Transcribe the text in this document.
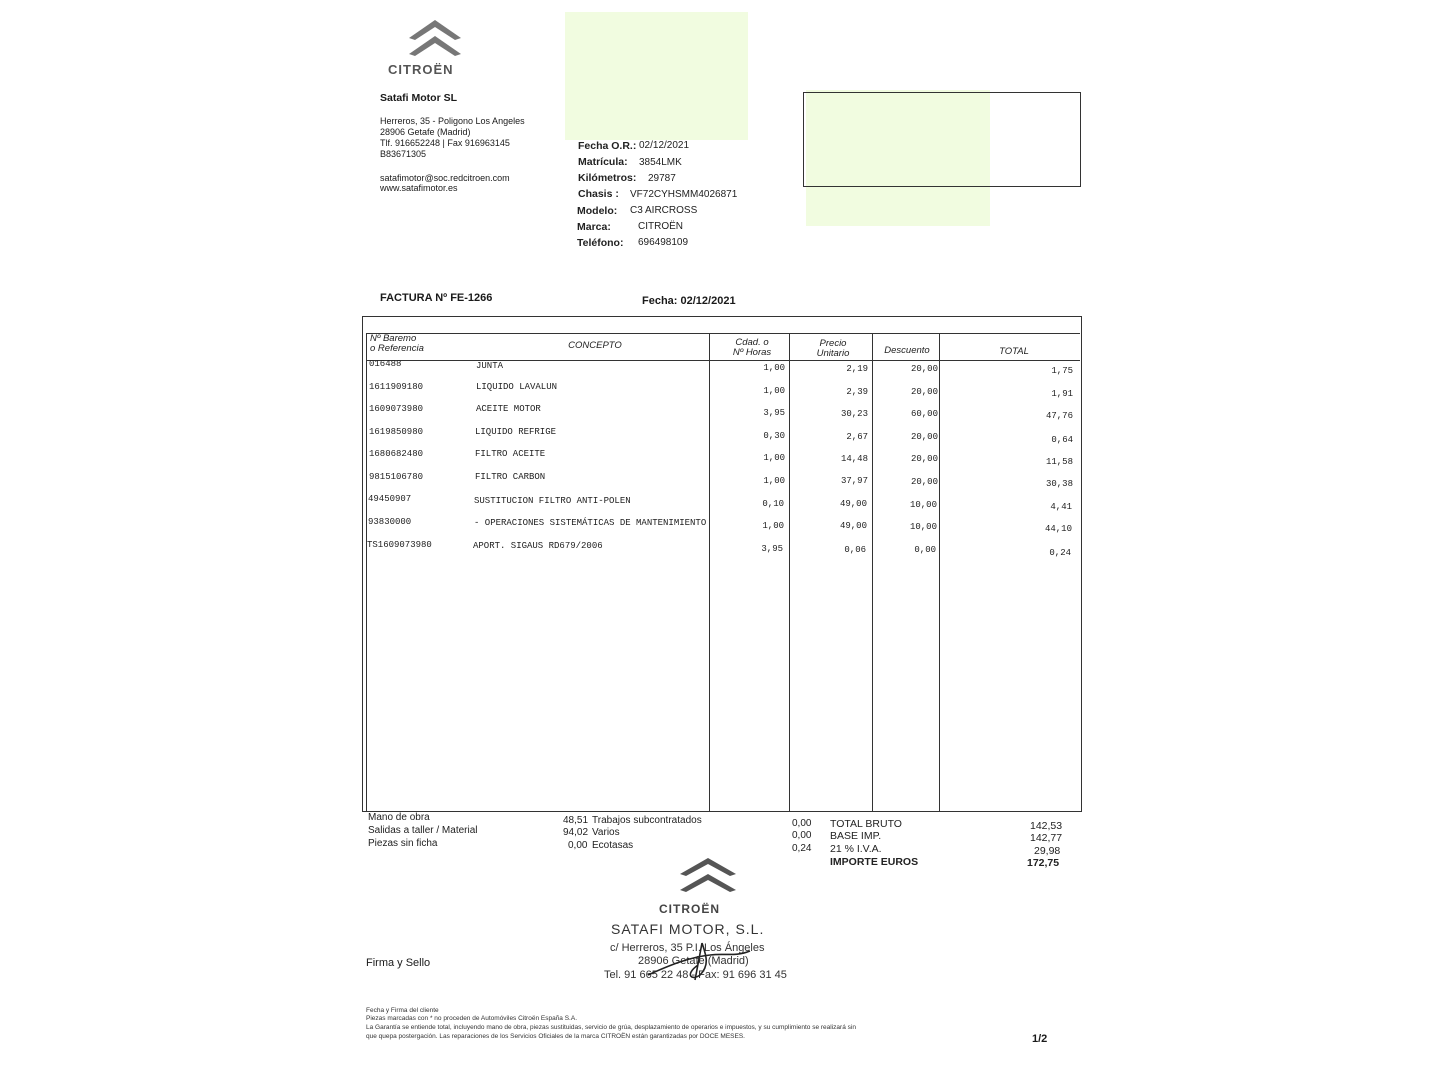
CITROËN
Satafi Motor SL
Herreros, 35 - Poligono Los Angeles
28906 Getafe (Madrid)
Tlf. 916652248 | Fax 916963145
B83671305
satafimotor@soc.redcitroen.com
www.satafimotor.es
Fecha O.R.: 02/12/2021
Matrícula: 3854LMK
Kilómetros: 29787
Chasis : VF72CYHSMM4026871
Modelo: C3 AIRCROSS
Marca:	CITROËN
Teléfono: 696498109
FACTURA Nº FE-1266	Fecha: 02/12/2021
Nº Baremo
o Referencia	CONCEPTO	Cdad. o
Nº Horas
Precio
Unitario	Descuento	TOTAL
016488	JUNTA	1,00	2,19	20,00	1,75
1611909180	LIQUIDO LAVALUN	1,00	2,39	20,00	1,91
1609073980	ACEITE MOTOR	3,95	30,23	60,00	47,76
1619850980	LIQUIDO REFRIGE	0,30	2,67	20,00	0,64
1680682480	FILTRO ACEITE	1,00	14,48	20,00	11,58
9815106780	FILTRO CARBON	1,00	37,97	20,00	30,38
49450907	SUSTITUCION FILTRO ANTI-POLEN	0,10	49,00	10,00	4,41
93830000	- OPERACIONES SISTEMÁTICAS DE MANTENIMIENTO	1,00	49,00	10,00	44,10
TS1609073980	APORT. SIGAUS RD679/2006	3,95	0,06	0,00	0,24
Mano de obra	48,51
Salidas a taller / Material	94,02
Piezas sin ficha	0,00
Trabajos subcontratados	0,00
Varios	0,00
Ecotasas	0,24
TOTAL BRUTO	142,53
BASE IMP.	142,77
21 % I.V.A.	29,98
IMPORTE EUROS	172,75
CITROËN
SATAFI MOTOR, S.L.
c/ Herreros, 35 P.I. Los Ángeles
28906 Getafe (Madrid)
Tel. 91 665 22 48 - Fax: 91 696 31 45
Firma y Sello
Fecha y Firma del cliente
Piezas marcadas con * no proceden de Automóviles Citroën España S.A.
La Garantía se entiende total, incluyendo mano de obra, piezas sustituidas, servicio de grúa, desplazamiento de operarios e impuestos, y su cumplimiento se realizará sin
que quepa postergación. Las reparaciones de los Servicios Oficiales de la marca CITROËN están garantizadas por DOCE MESES.	1/2
